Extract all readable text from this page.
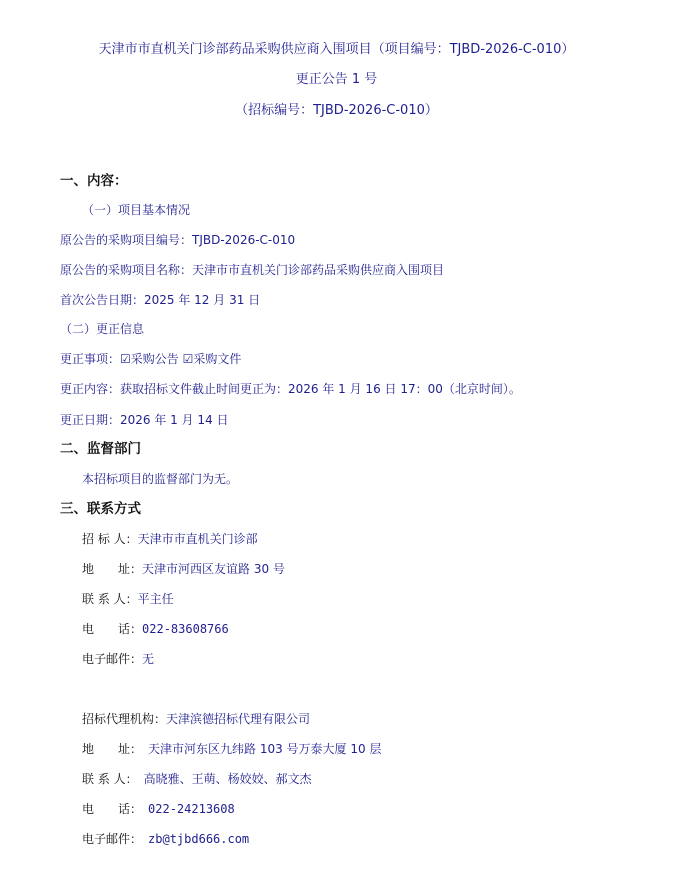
天津市市直机关门诊部药品采购供应商入围项目（项目编号：TJBD-2026-C-010）
更正公告 1 号
（招标编号：TJBD-2026-C-010）
一、内容：
（一）项目基本情况
原公告的采购项目编号：TJBD-2026-C-010
原公告的采购项目名称：天津市市直机关门诊部药品采购供应商入围项目
首次公告日期：2025 年 12 月 31 日
（二）更正信息
更正事项：☑采购公告 ☑采购文件
更正内容：获取招标文件截止时间更正为：2026 年 1 月 16 日 17：00（北京时间）。
更正日期：2026 年 1 月 14 日
二、监督部门
本招标项目的监督部门为无。
三、联系方式
招 标 人：天津市市直机关门诊部
地　　址：天津市河西区友谊路 30 号
联 系 人：平主任
电　　话：022-83608766
电子邮件：无
招标代理机构：天津滨德招标代理有限公司
地　　址： 天津市河东区九纬路 103 号万泰大厦 10 层
联 系 人： 高晓雅、王萌、杨姣姣、郝文杰
电　　话： 022-24213608
电子邮件： zb@tjbd666.com
